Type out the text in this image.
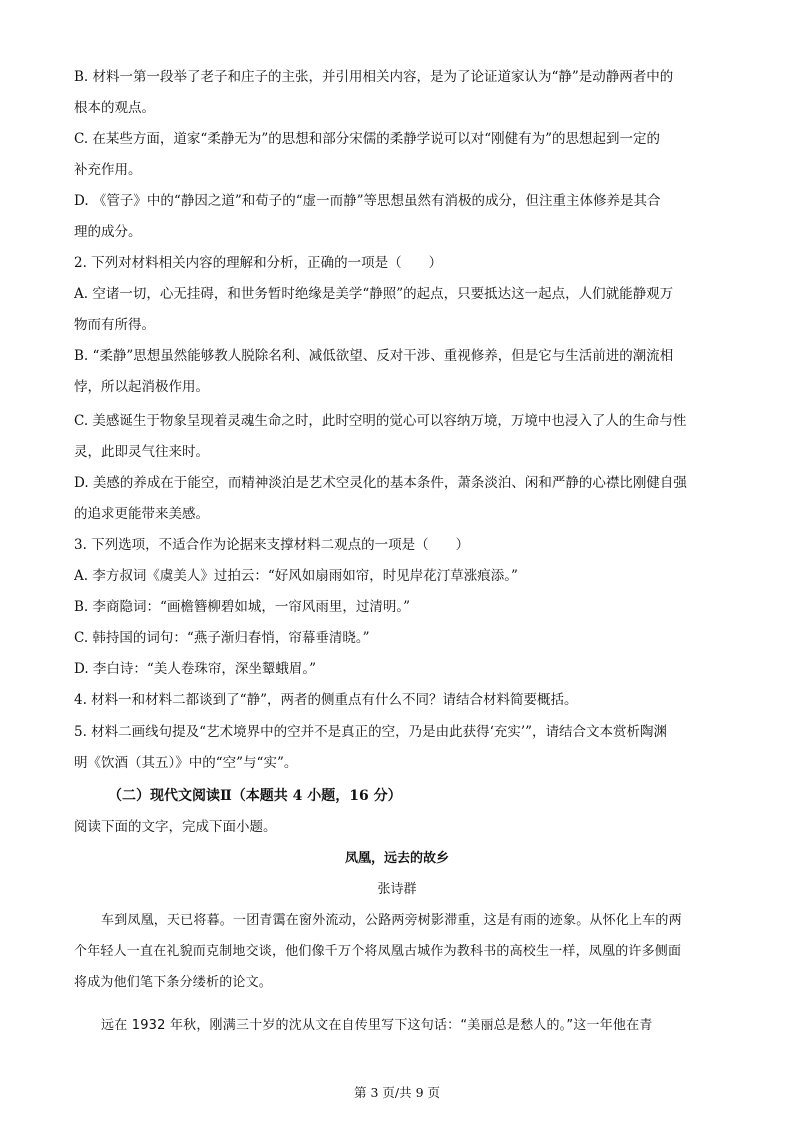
B. 材料一第一段举了老子和庄子的主张，并引用相关内容，是为了论证道家认为“静”是动静两者中的
根本的观点。
C. 在某些方面，道家“柔静无为”的思想和部分宋儒的柔静学说可以对“刚健有为”的思想起到一定的
补充作用。
D. 《管子》中的“静因之道”和荀子的“虚一而静”等思想虽然有消极的成分，但注重主体修养是其合
理的成分。
2. 下列对材料相关内容的理解和分析，正确的一项是（　　）
A. 空诸一切，心无挂碍，和世务暂时绝缘是美学“静照”的起点，只要抵达这一起点，人们就能静观万
物而有所得。
B. “柔静”思想虽然能够教人脱除名利、减低欲望、反对干涉、重视修养，但是它与生活前进的潮流相
悖，所以起消极作用。
C. 美感诞生于物象呈现着灵魂生命之时，此时空明的觉心可以容纳万境，万境中也浸入了人的生命与性
灵，此即灵气往来时。
D. 美感的养成在于能空，而精神淡泊是艺术空灵化的基本条件，萧条淡泊、闲和严静的心襟比刚健自强
的追求更能带来美感。
3. 下列选项，不适合作为论据来支撑材料二观点的一项是（　　）
A. 李方叔词《虞美人》过拍云：“好风如扇雨如帘，时见岸花汀草涨痕添。”
B. 李商隐词：“画檐簪柳碧如城，一帘风雨里，过清明。”
C. 韩持国的词句：“燕子渐归春悄，帘幕垂清晓。”
D. 李白诗：“美人卷珠帘，深坐颦蛾眉。”
4. 材料一和材料二都谈到了“静”，两者的侧重点有什么不同？请结合材料简要概括。
5. 材料二画线句提及“艺术境界中的空并不是真正的空，乃是由此获得‘充实’”，请结合文本赏析陶渊
明《饮酒（其五）》中的“空”与“实”。
（二）现代文阅读Ⅱ（本题共 4 小题，16 分）
阅读下面的文字，完成下面小题。
凤凰，远去的故乡
张诗群
车到凤凰，天已将暮。一团青霭在窗外流动，公路两旁树影滞重，这是有雨的迹象。从怀化上车的两
个年轻人一直在礼貌而克制地交谈，他们像千万个将凤凰古城作为教科书的高校生一样，凤凰的许多侧面
将成为他们笔下条分缕析的论文。
远在 1932 年秋，刚满三十岁的沈从文在自传里写下这句话：“美丽总是愁人的。”这一年他在青
第 3 页/共 9 页
